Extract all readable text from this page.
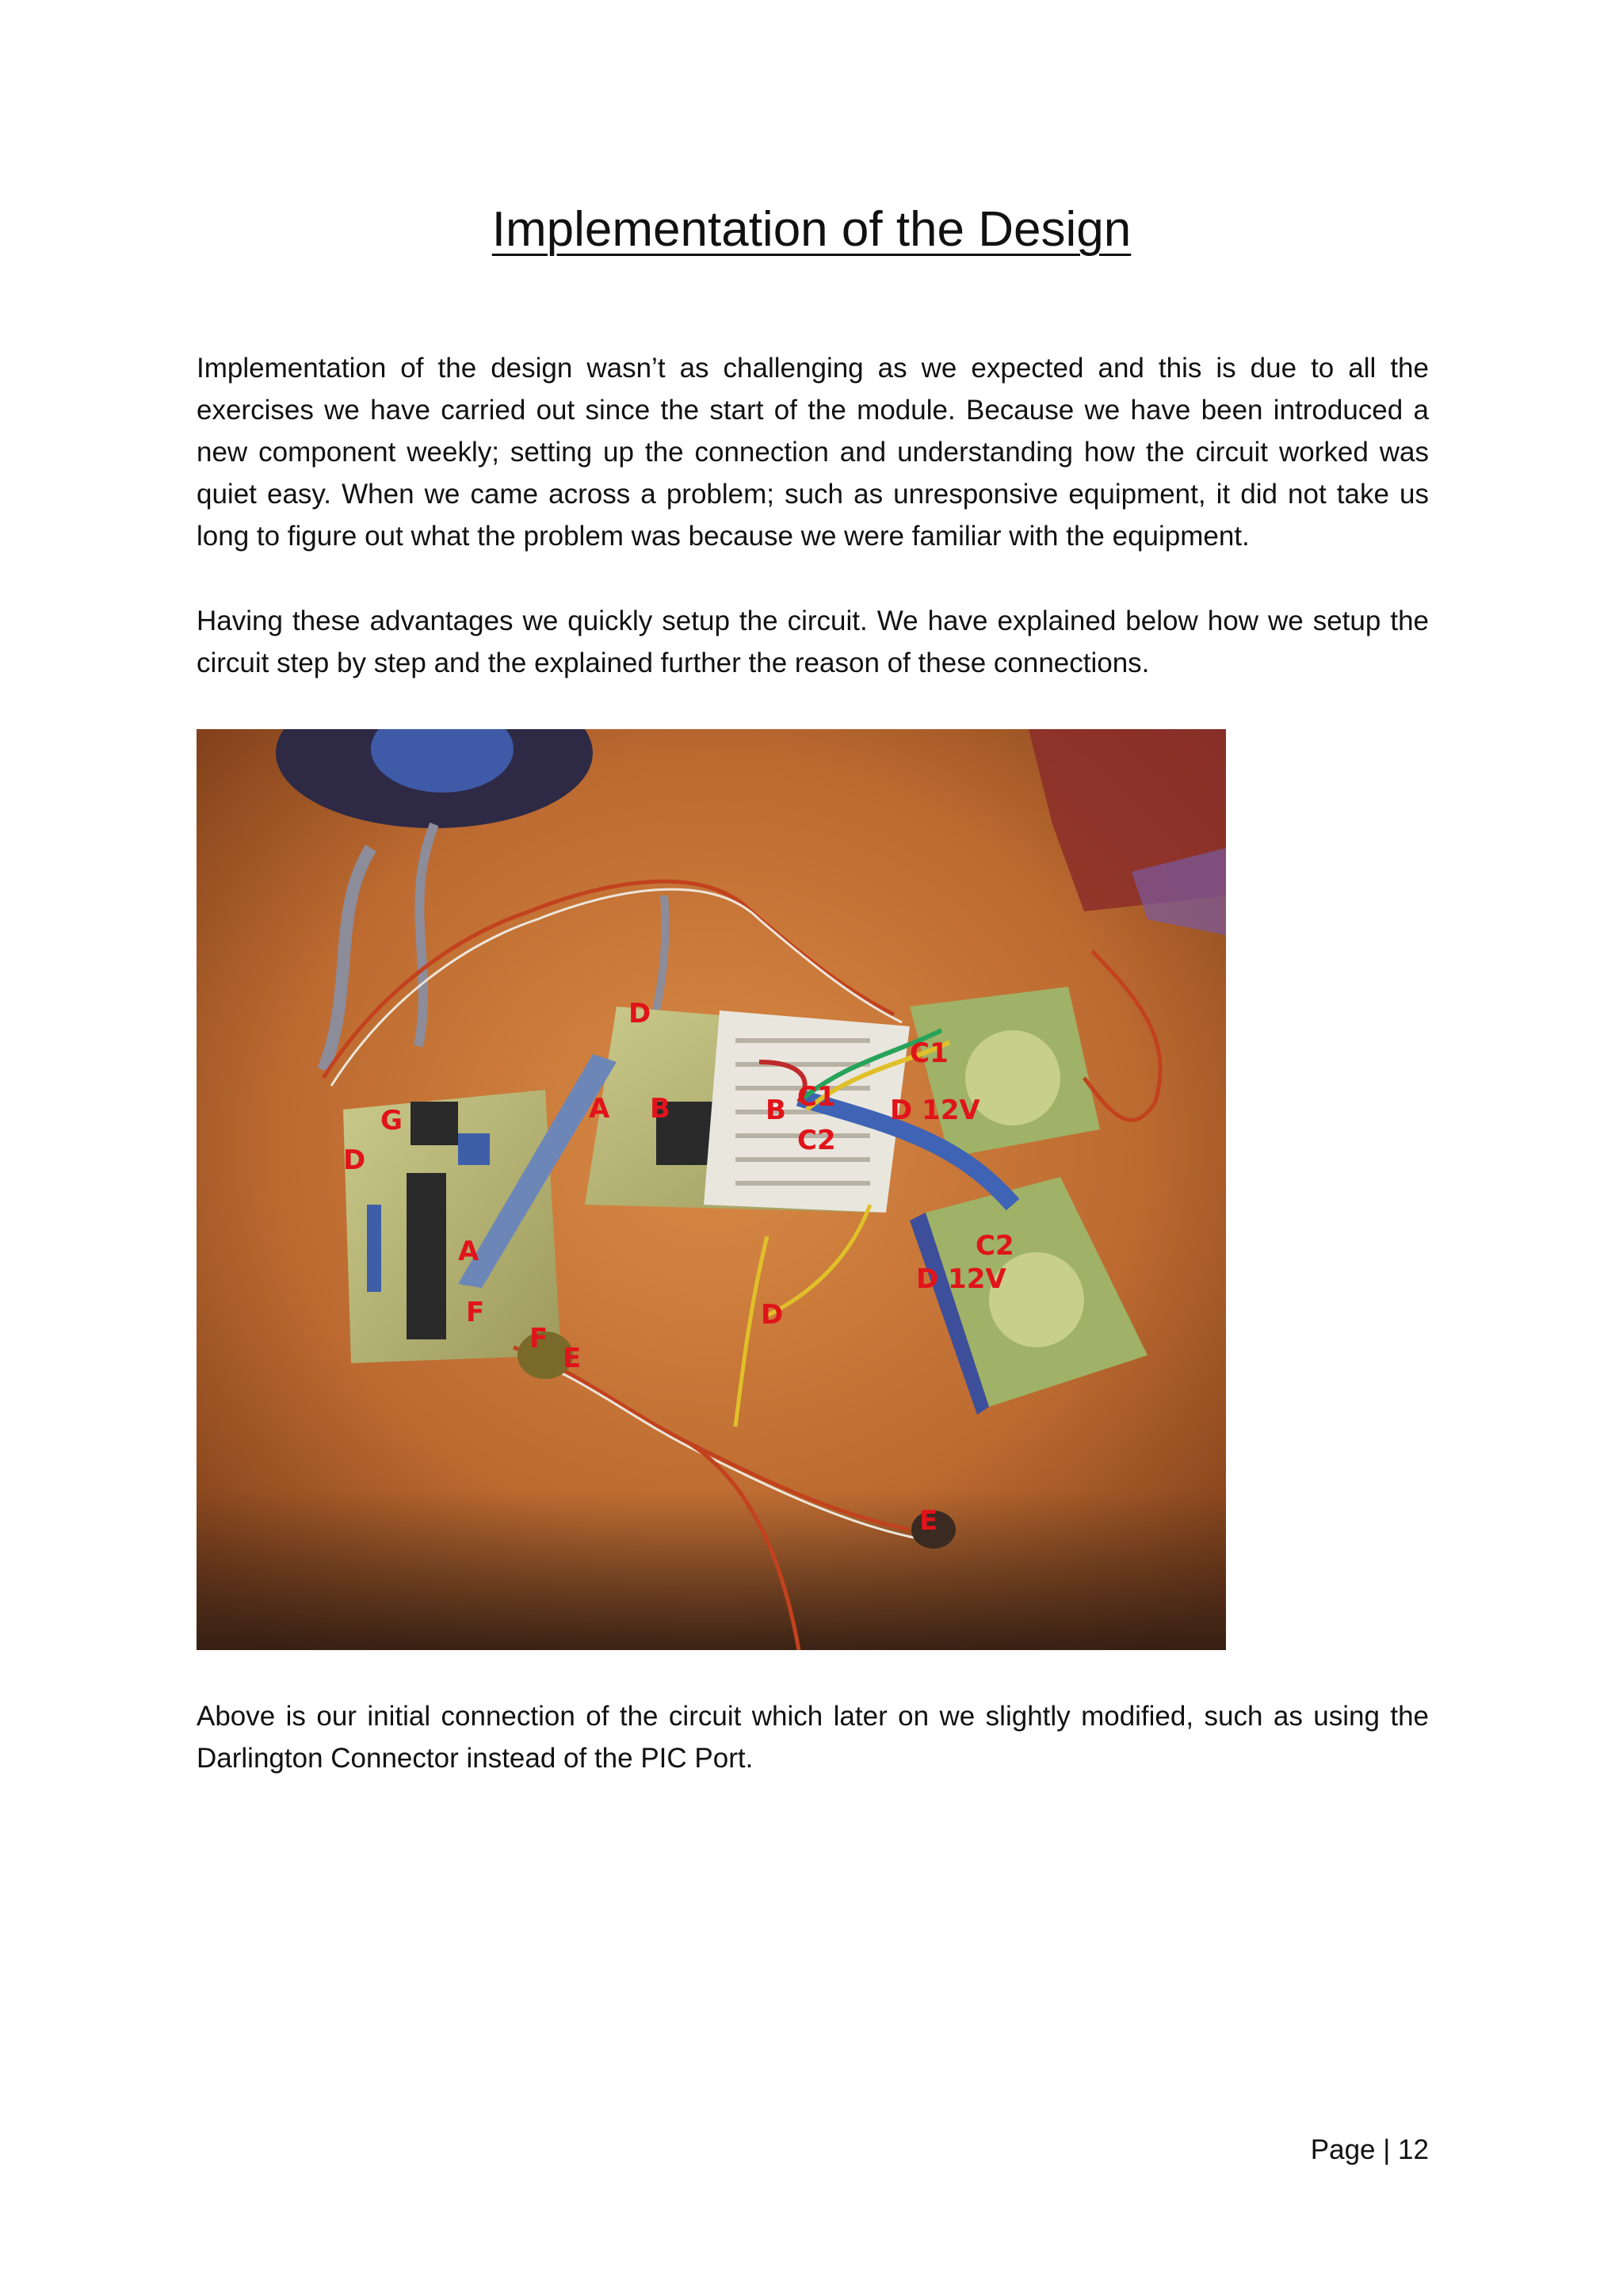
Implementation of the Design

Implementation of the design wasn’t as challenging as we expected and this is due to all the exercises we have carried out since the start of the module. Because we have been introduced a new component weekly; setting up the connection and understanding how the circuit worked was quiet easy. When we came across a problem; such as unresponsive equipment, it did not take us long to figure out what the problem was because we were familiar with the equipment.

Having these advantages we quickly setup the circuit. We have explained below how we setup the circuit step by step and the explained further the reason of these connections.

D
C1
G	A B	B C1 D 12V
D
C2
C2
A
D 12V
F	D
F
E
E

Above is our initial connection of the circuit which later on we slightly modified, such as using the Darlington Connector instead of the PIC Port.

Page | 12
